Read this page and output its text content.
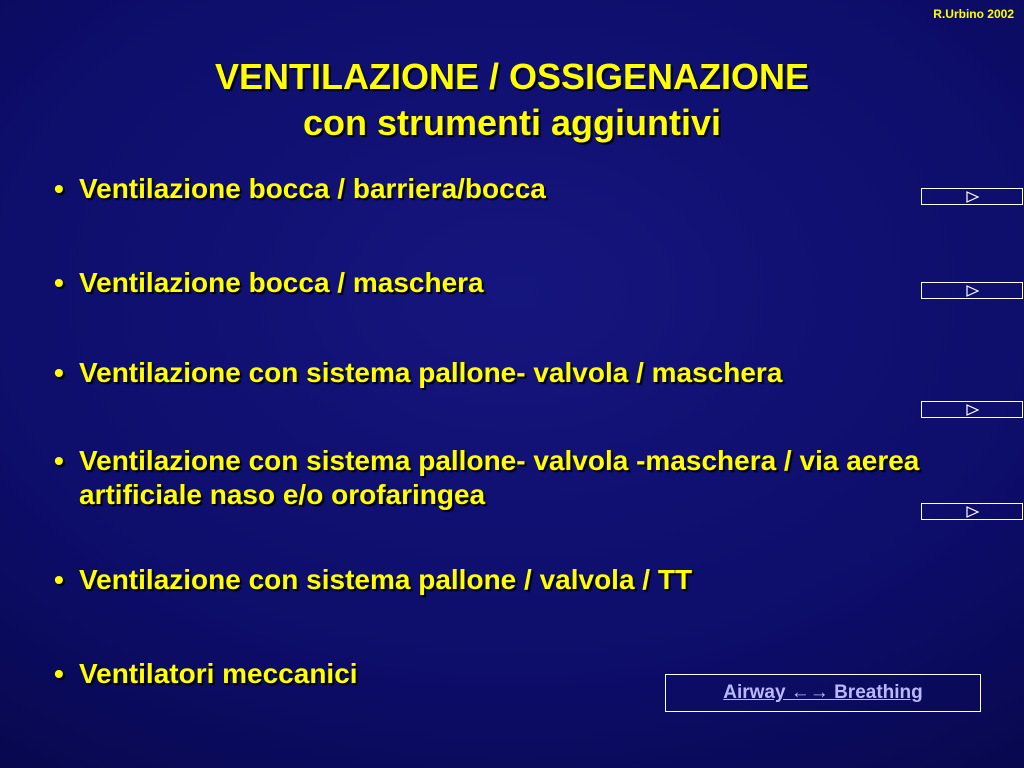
R.Urbino 2002
VENTILAZIONE / OSSIGENAZIONE
con strumenti aggiuntivi
• Ventilazione bocca / barriera/bocca
• Ventilazione bocca / maschera
• Ventilazione con sistema pallone- valvola / maschera
• Ventilazione con sistema pallone- valvola -maschera / via aerea artificiale naso e/o orofaringea
• Ventilazione con sistema pallone / valvola / TT
• Ventilatori meccanici
Airway ←→ Breathing
